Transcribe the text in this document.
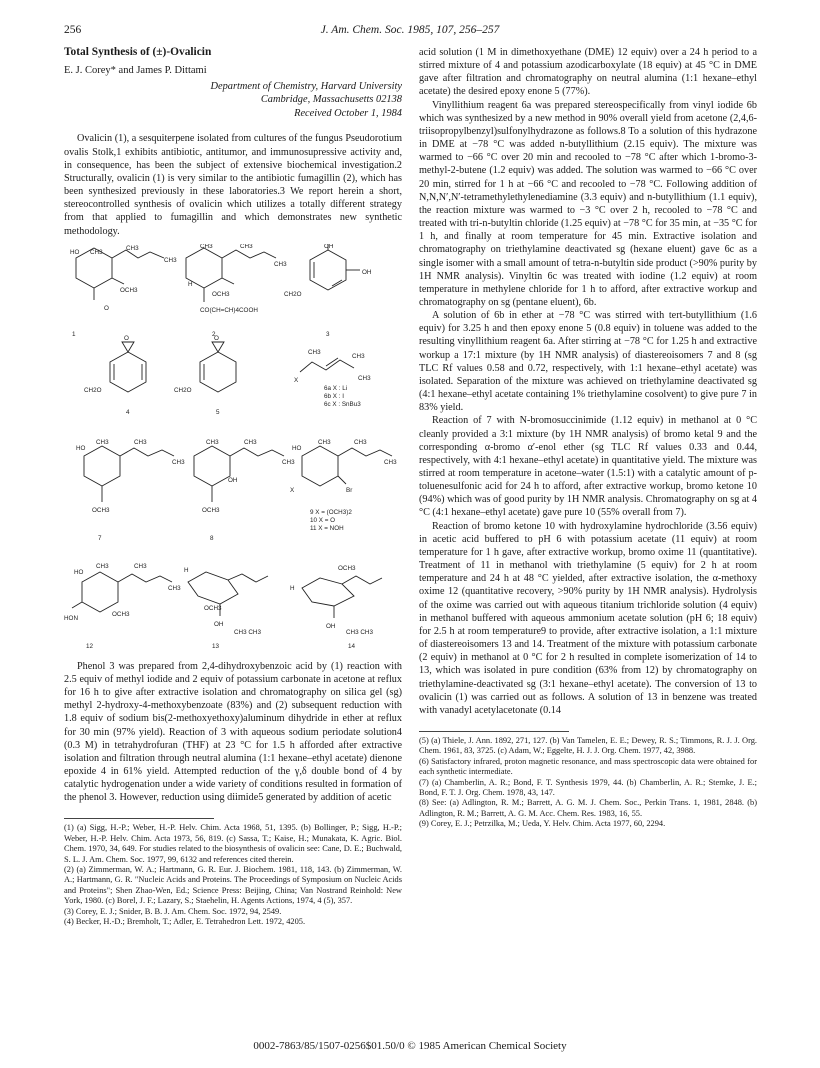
256	J. Am. Chem. Soc. 1985, 107, 256–257
Total Synthesis of (±)-Ovalicin
E. J. Corey* and James P. Dittami
Department of Chemistry, Harvard University
Cambridge, Massachusetts 02138
Received October 1, 1984

Ovalicin (1), a sesquiterpene isolated from cultures of the fungus Pseudorotium ovalis Stolk,1 exhibits antibiotic, antitumor, and immunosupressive activity and, in consequence, has been the subject of extensive biochemical investigation.2 Structurally, ovalicin (1) is very similar to the antibiotic fumagillin (2), which has been synthesized previously in these laboratories.3 We report herein a short, stereocontrolled synthesis of ovalicin which utilizes a totally different strategy from that applied to fumagillin and which demonstrates new synthetic methodology.

HO CH3
CH3
CH3
OCH3
O
1
CH3	CH3
CH3
H
OCH3
CO(CH=CH)4COOH
2
OH
OH
CH2O
3
O
CH2O
4
O
CH2O
5
CH3
CH3
CH3
X
6a X : Li
6b X : I
6c X : SnBu3
HO
CH3	CH3
CH3
OCH3
7
CH3	CH3
CH3
OH
OCH3
8
HO
CH3	CH3
CH3
Br
X
9 X = (OCH3)2
10 X = O
11 X = NOH
HO
CH3	CH3
CH3
OCH3
HON
12
H
OCH3
OH
CH3 CH3
13
OCH3
H
OH
CH3 CH3
14

Phenol 3 was prepared from 2,4-dihydroxybenzoic acid by (1) reaction with 2.5 equiv of methyl iodide and 2 equiv of potassium carbonate in acetone at reflux for 16 h to give after extractive isolation and chromatography on silica gel (sg) methyl 2-hydroxy-4-methoxybenzoate (83%) and (2) subsequent reduction with 1.8 equiv of sodium bis(2-methoxyethoxy)aluminum dihydride in ether at reflux for 30 min (97% yield). Reaction of 3 with aqueous sodium periodate solution4 (0.3 M) in tetrahydrofuran (THF) at 23 °C for 1.5 h afforded after extractive isolation and filtration through neutral alumina (1:1 hexane–ethyl acetate) dienone epoxide 4 in 61% yield. Attempted reduction of the γ,δ double bond of 4 by catalytic hydrogenation under a wide variety of conditions resulted in formation of the phenol 3. However, reduction using diimide5 generated by addition of acetic

(1) (a) Sigg, H.-P.; Weber, H.-P. Helv. Chim. Acta 1968, 51, 1395. (b) Bollinger, P.; Sigg, H.-P.; Weber, H.-P. Helv. Chim. Acta 1973, 56, 819. (c) Sassa, T.; Kaise, H.; Munakata, K. Agric. Biol. Chem. 1970, 34, 649. For studies related to the biosynthesis of ovalicin see: Cane, D. E.; Buchwald, S. L. J. Am. Chem. Soc. 1977, 99, 6132 and references cited therein.
(2) (a) Zimmerman, W. A.; Hartmann, G. R. Eur. J. Biochem. 1981, 118, 143. (b) Zimmerman, W. A.; Hartmann, G. R. "Nucleic Acids and Proteins. The Proceedings of Symposium on Nucleic Acids and Proteins"; Shen Zhao-Wen, Ed.; Science Press: Beijing, China; Van Nostrand Reinhold: New York, 1980. (c) Borel, J. F.; Lazary, S.; Staehelin, H. Agents Actions, 1974, 4 (5), 357.
(3) Corey, E. J.; Snider, B. B. J. Am. Chem. Soc. 1972, 94, 2549.
(4) Becker, H.-D.; Bremholt, T.; Adler, E. Tetrahedron Lett. 1972, 4205.

acid solution (1 M in dimethoxyethane (DME) 12 equiv) over a 24 h period to a stirred mixture of 4 and potassium azodicarboxylate (18 equiv) at 45 °C in DME gave after filtration and chromatography on neutral alumina (1:1 hexane–ethyl acetate) the desired epoxy enone 5 (77%).

Vinyllithium reagent 6a was prepared stereospecifically from vinyl iodide 6b which was synthesized by a new method in 90% overall yield from acetone (2,4,6-triisopropylbenzyl)sulfonylhydrazone as follows.8 To a solution of this hydrazone in DME at −78 °C was added n-butyllithium (2.15 equiv). The mixture was warmed to −66 °C over 20 min and recooled to −78 °C after which 1-bromo-3-methyl-2-butene (1.2 equiv) was added. The solution was warmed to −66 °C over 20 min, stirred for 1 h at −66 °C and recooled to −78 °C. Following addition of N,N,N′,N′-tetramethylethylenediamine (3.3 equiv) and n-butyllithium (1.1 equiv), the reaction mixture was warmed to −3 °C over 2 h, recooled to −78 °C and treated with tri-n-butyltin chloride (1.25 equiv) at −78 °C for 35 min, at −35 °C for 1 h, and finally at room temperature for 45 min. Extractive isolation and chromatography on triethylamine deactivated sg (hexane eluent) gave 6c as a single isomer with a small amount of tetra-n-butyltin side product (>90% purity by 1H NMR analysis). Vinyltin 6c was treated with iodine (1.2 equiv) at room temperature in methylene chloride for 1 h to afford, after extractive workup and chromatography on sg (pentane eluent), 6b.

A solution of 6b in ether at −78 °C was stirred with tert-butyllithium (1.6 equiv) for 3.25 h and then epoxy enone 5 (0.8 equiv) in toluene was added to the resulting vinyllithium reagent 6a. After stirring at −78 °C for 1.25 h and extractive workup a 17:1 mixture (by 1H NMR analysis) of diastereoisomers 7 and 8 (sg TLC Rf values 0.58 and 0.72, respectively, with 1:1 hexane–ethyl acetate) was isolated. Separation of the mixture was achieved on triethylamine deactivated sg (4:1 hexane–ethyl acetate containing 1% triethylamine cosolvent) to give pure 7 in 83% yield.

Reaction of 7 with N-bromosuccinimide (1.12 equiv) in methanol at 0 °C cleanly provided a 3:1 mixture (by 1H NMR analysis) of bromo ketal 9 and the corresponding α-bromo α′-enol ether (sg TLC Rf values 0.33 and 0.44, respectively, with 4:1 hexane–ethyl acetate) in quantitative yield. The mixture was stirred at room temperature in acetone–water (1.5:1) with a catalytic amount of p-toluenesulfonic acid for 24 h to afford, after extractive workup, bromo ketone 10 (94%) which was of good purity by 1H NMR analysis. Chromatography on sg at 4 °C (4:1 hexane–ethyl acetate) gave pure 10 (55% overall from 7).

Reaction of bromo ketone 10 with hydroxylamine hydrochloride (3.56 equiv) in acetic acid buffered to pH 6 with potassium acetate (11 equiv) at room temperature for 1 h gave, after extractive workup, bromo oxime 11 (quantitative). Treatment of 11 in methanol with triethylamine (5 equiv) for 2 h at room temperature and 24 h at 48 °C yielded, after extractive isolation, the α-methoxy oxime 12 (quantitative recovery, >90% purity by 1H NMR analysis). Hydrolysis of the oxime was carried out with aqueous titanium trichloride solution (4 equiv) in methanol buffered with aqueous ammonium acetate solution (pH 6; 18 equiv) for 2.5 h at room temperature9 to provide, after extractive isolation, a 1:1 mixture of diastereoisomers 13 and 14. Treatment of the mixture with potassium carbonate (2 equiv) in methanol at 0 °C for 2 h resulted in complete isomerization of 14 to 13, which was isolated in pure condition (63% from 12) by chromatography on triethylamine-deactivated sg (3:1 hexane–ethyl acetate). The conversion of 13 to ovalicin (1) was carried out as follows. A solution of 13 in benzene was treated with vanadyl acetylacetonate (0.14

(5) (a) Thiele, J. Ann. 1892, 271, 127. (b) Van Tamelen, E. E.; Dewey, R. S.; Timmons, R. J. J. Org. Chem. 1961, 83, 3725. (c) Adam, W.; Eggelte, H. J. J. Org. Chem. 1977, 42, 3988.
(6) Satisfactory infrared, proton magnetic resonance, and mass spectroscopic data were obtained for each synthetic intermediate.
(7) (a) Chamberlin, A. R.; Bond, F. T. Synthesis 1979, 44. (b) Chamberlin, A. R.; Stemke, J. E.; Bond, F. T. J. Org. Chem. 1978, 43, 147.
(8) See: (a) Adlington, R. M.; Barrett, A. G. M. J. Chem. Soc., Perkin Trans. 1, 1981, 2848. (b) Adlington, R. M.; Barrett, A. G. M. Acc. Chem. Res. 1983, 16, 55.
(9) Corey, E. J.; Petrzilka, M.; Ueda, Y. Helv. Chim. Acta 1977, 60, 2294.
0002-7863/85/1507-0256$01.50/0 © 1985 American Chemical Society
